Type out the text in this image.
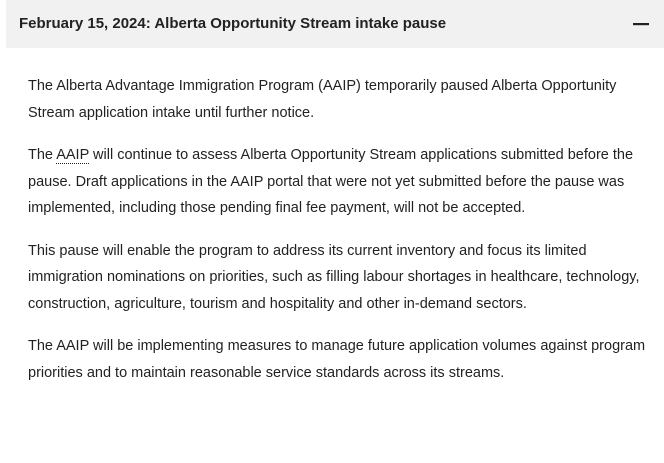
February 15, 2024: Alberta Opportunity Stream intake pause

The Alberta Advantage Immigration Program (AAIP) temporarily paused Alberta Opportunity Stream application intake until further notice.

The AAIP will continue to assess Alberta Opportunity Stream applications submitted before the pause. Draft applications in the AAIP portal that were not yet submitted before the pause was implemented, including those pending final fee payment, will not be accepted.

This pause will enable the program to address its current inventory and focus its limited immigration nominations on priorities, such as filling labour shortages in healthcare, technology, construction, agriculture, tourism and hospitality and other in-demand sectors.

The AAIP will be implementing measures to manage future application volumes against program priorities and to maintain reasonable service standards across its streams.
